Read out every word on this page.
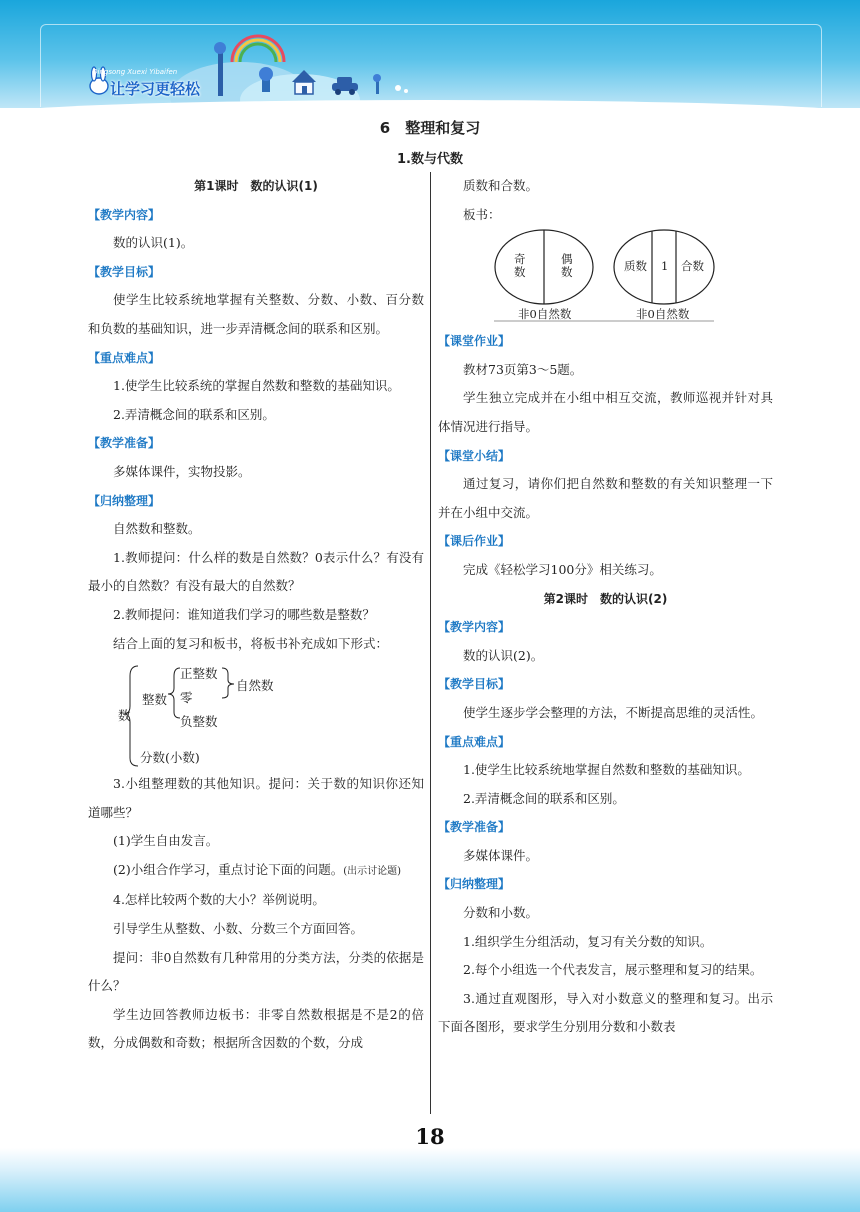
Qingsong Xuexi Yibaifen
让学习更轻松
6　整理和复习
1.数与代数

第1课时　数的认识(1)

【教学内容】

数的认识(1)。

【教学目标】

使学生比较系统地掌握有关整数、分数、小数、百分数和负数的基础知识，进一步弄清概念间的联系和区别。

【重点难点】

1.使学生比较系统的掌握自然数和整数的基础知识。

2.弄清概念间的联系和区别。

【教学准备】

多媒体课件，实物投影。

【归纳整理】

自然数和整数。

1.教师提问：什么样的数是自然数？0表示什么？有没有最小的自然数？有没有最大的自然数？

2.教师提问：谁知道我们学习的哪些数是整数？

结合上面的复习和板书，将板书补充成如下形式：

数
整数
正整数
零
负整数
自然数
分数(小数)

3.小组整理数的其他知识。提问：关于数的知识你还知道哪些？

(1)学生自由发言。

(2)小组合作学习，重点讨论下面的问题。(出示讨论题)

4.怎样比较两个数的大小？举例说明。

引导学生从整数、小数、分数三个方面回答。

提问：非0自然数有几种常用的分类方法，分类的依据是什么？

学生边回答教师边板书：非零自然数根据是不是2的倍数，分成偶数和奇数；根据所含因数的个数，分成

质数和合数。

板书：

奇
数
偶
数
非0自然数
质数 1 合数
非0自然数

【课堂作业】

教材73页第3～5题。

学生独立完成并在小组中相互交流，教师巡视并针对具体情况进行指导。

【课堂小结】

通过复习，请你们把自然数和整数的有关知识整理一下并在小组中交流。

【课后作业】

完成《轻松学习100分》相关练习。

第2课时　数的认识(2)

【教学内容】

数的认识(2)。

【教学目标】

使学生逐步学会整理的方法，不断提高思维的灵活性。

【重点难点】

1.使学生比较系统地掌握自然数和整数的基础知识。

2.弄清概念间的联系和区别。

【教学准备】

多媒体课件。

【归纳整理】

分数和小数。

1.组织学生分组活动，复习有关分数的知识。

2.每个小组选一个代表发言，展示整理和复习的结果。

3.通过直观图形，导入对小数意义的整理和复习。出示下面各图形，要求学生分别用分数和小数表

18
